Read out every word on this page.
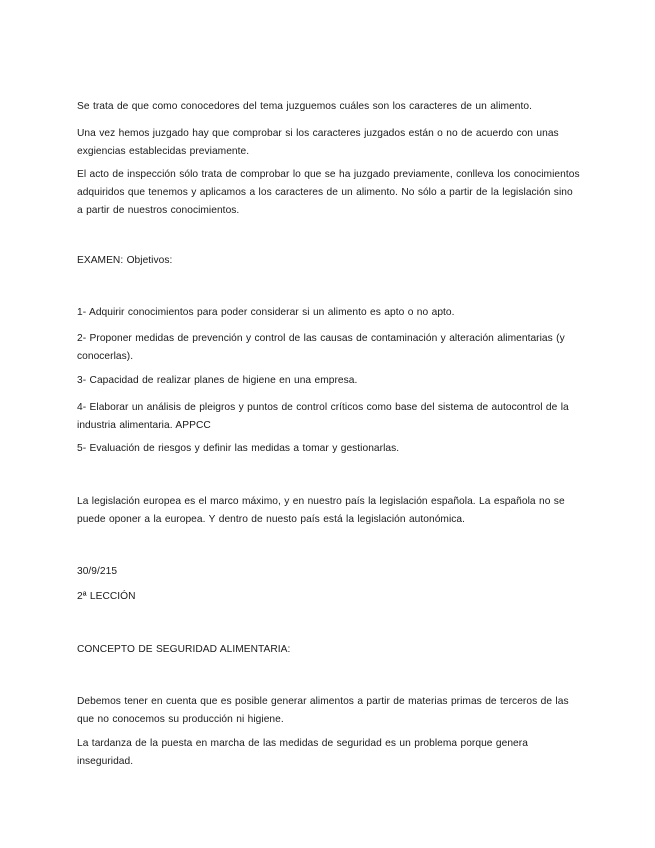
Se trata de que como conocedores del tema juzguemos cuáles son los caracteres de un alimento.

Una vez hemos juzgado hay que comprobar si los caracteres juzgados están o no de acuerdo con unas exgiencias establecidas previamente.

El acto de inspección sólo trata de comprobar lo que se ha juzgado previamente, conlleva los conocimientos adquiridos que tenemos y aplicamos a los caracteres de un alimento. No sólo a partir de la legislación sino a partir de nuestros conocimientos.

EXAMEN: Objetivos:

1- Adquirir conocimientos para poder considerar si un alimento es apto o no apto.

2- Proponer medidas de prevención y control de las causas de contaminación y alteración alimentarias (y conocerlas).

3- Capacidad de realizar planes de higiene en una empresa.

4- Elaborar un análisis de pleigros y puntos de control críticos como base del sistema de autocontrol de la industria alimentaria. APPCC

5- Evaluación de riesgos y definir las medidas a tomar y gestionarlas.

La legislación europea es el marco máximo, y en nuestro país la legislación española. La española no se puede oponer a la europea. Y dentro de nuesto país está la legislación autonómica.

30/9/215

2ª LECCIÓN

CONCEPTO DE SEGURIDAD ALIMENTARIA:

Debemos tener en cuenta que es posible generar alimentos a partir de materias primas de terceros de las que no conocemos su producción ni higiene.

La tardanza de la puesta en marcha de las medidas de seguridad es un problema porque genera inseguridad.
